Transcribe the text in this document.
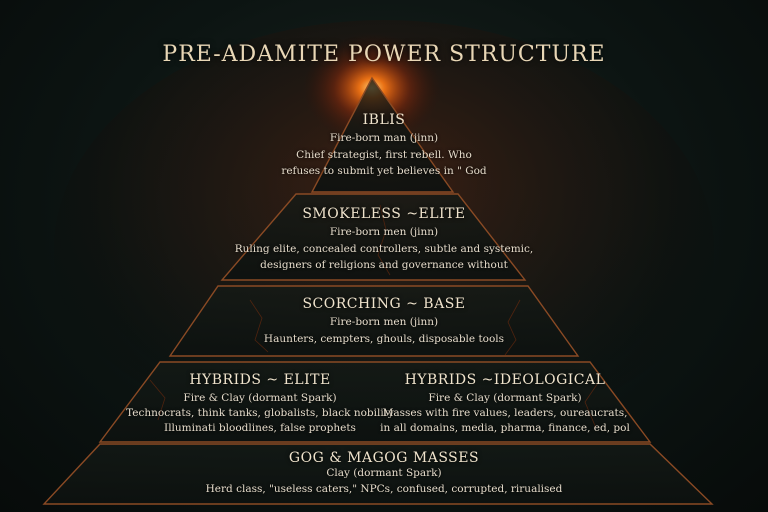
PRE-ADAMITE POWER STRUCTURE
IBLIS
Fire-born man (jinn)
Chief strategist, first rebell. Who
refuses to submit yet believes in " God
SMOKELESS ~ELITE
Fire-born men (jinn)
Ruling elite, concealed controllers, subtle and systemic,
designers of religions and governance without
SCORCHING ~ BASE
Fire-born men (jinn)
Haunters, cempters, ghouls, disposable tools
HYBRIDS ~ ELITE
Fire & Clay (dormant Spark)
Technocrats, think tanks, globalists, black nobility
Illuminati bloodlines, false prophets
HYBRIDS ~IDEOLOGICAL
Fire & Clay (dormant Spark)
Masses with fire values, leaders, oureaucrats,
in all domains, media, pharma, finance, ed, pol
GOG & MAGOG MASSES
Clay (dormant Spark)
Herd class, "useless caters," NPCs, confused, corrupted, rirualised
